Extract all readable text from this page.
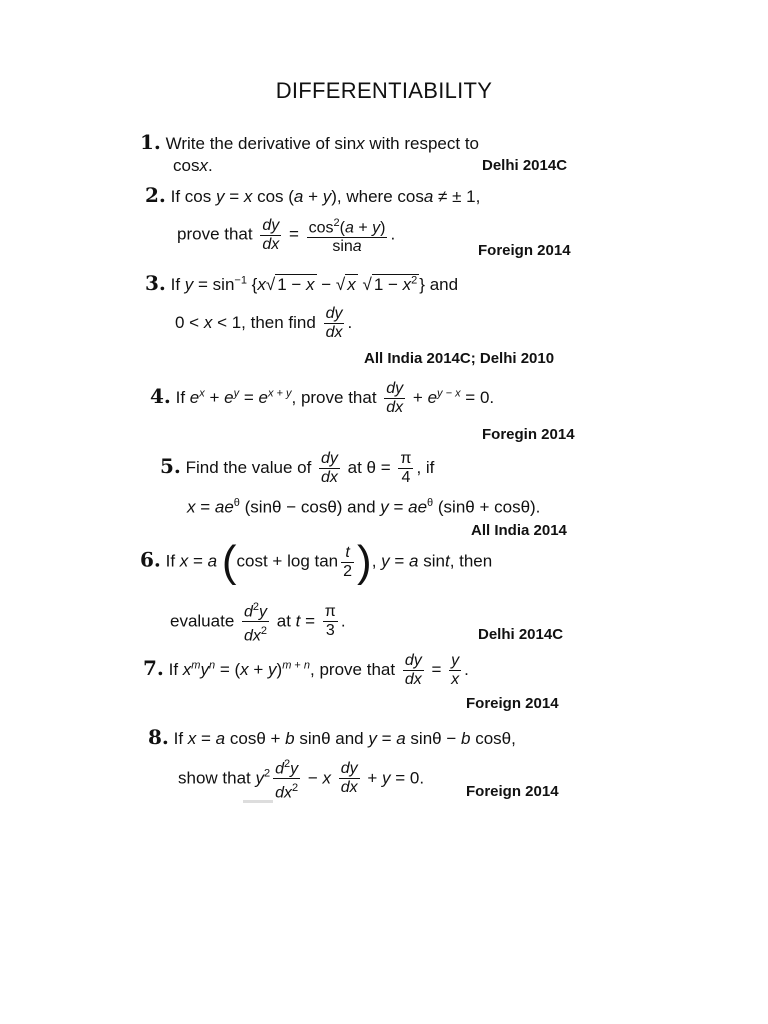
DIFFERENTIABILITY
1. Write the derivative of sinx with respect to
cosx.	Delhi 2014C
2. If cos y = x cos (a + y), where cosa ≠ ± 1,
prove that $\frac{dy}{dx} = \frac{\cos^2(a + y)}{\sin a}$ .
Foreign 2014
3. If $y = \sin^{-1} \{x√$ 1 − x − √ x √ $1 - x^2$ } and
0 < x < 1, then find $\frac{dy}{dx}$ .
All India 2014C; Delhi 2010
4. If $e^x + e^y = e^{x + y}$, prove that $\frac{dy}{dx} + e^{y - x} = 0$.
Foregin 2014
5. Find the value of $\frac{dy}{dx}$ at $\theta = \frac{\pi}{4}$ , if
$x = ae^\theta$ (sinθ − cosθ) and $y = ae^\theta$ (sinθ + cosθ).
All India 2014
6. If x = a ($\cos t + \log \tan \frac{t}{2}$ ), y = a sint, then
evaluate $\frac{d^2y}{dx^2}$ at $t = \frac{\pi}{3}$ .
Delhi 2014C
7. If $x^my^n = (x + y)^{m + n}$, prove that $\frac{dy}{dx} = \frac{y}{x}$ .
Foreign 2014
8. If x = a cosθ + b sinθ and y = a sinθ − b cosθ,
show that $y^2 \frac{d^2y}{dx^2} - x \frac{dy}{dx} + y = 0$.
Foreign 2014
